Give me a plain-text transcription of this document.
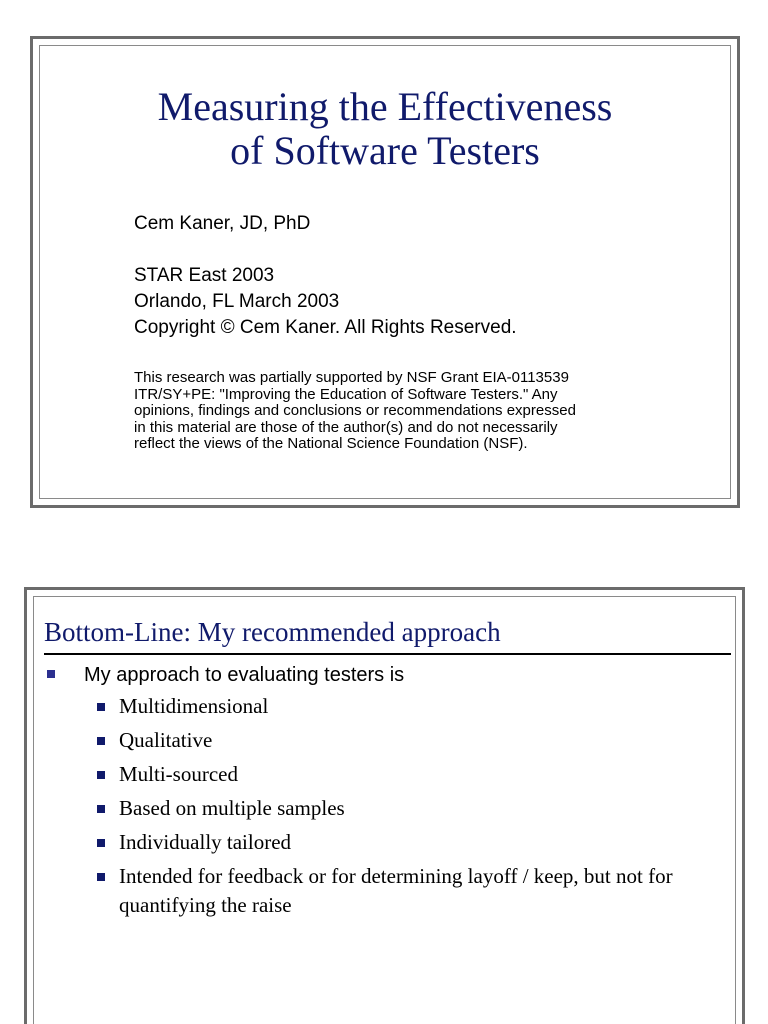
Measuring the Effectiveness
of Software Testers
Cem Kaner, JD, PhD
STAR East 2003
Orlando, FL March 2003
Copyright © Cem Kaner. All Rights Reserved.
This research was partially supported by NSF Grant EIA-0113539
ITR/SY+PE: "Improving the Education of Software Testers." Any
opinions, findings and conclusions or recommendations expressed
in this material are those of the author(s) and do not necessarily
reflect the views of the National Science Foundation (NSF).
Bottom-Line: My recommended approach
My approach to evaluating testers is
Multidimensional
Qualitative
Multi-sourced
Based on multiple samples
Individually tailored
Intended for feedback or for determining layoff / keep, but not for quantifying the raise
